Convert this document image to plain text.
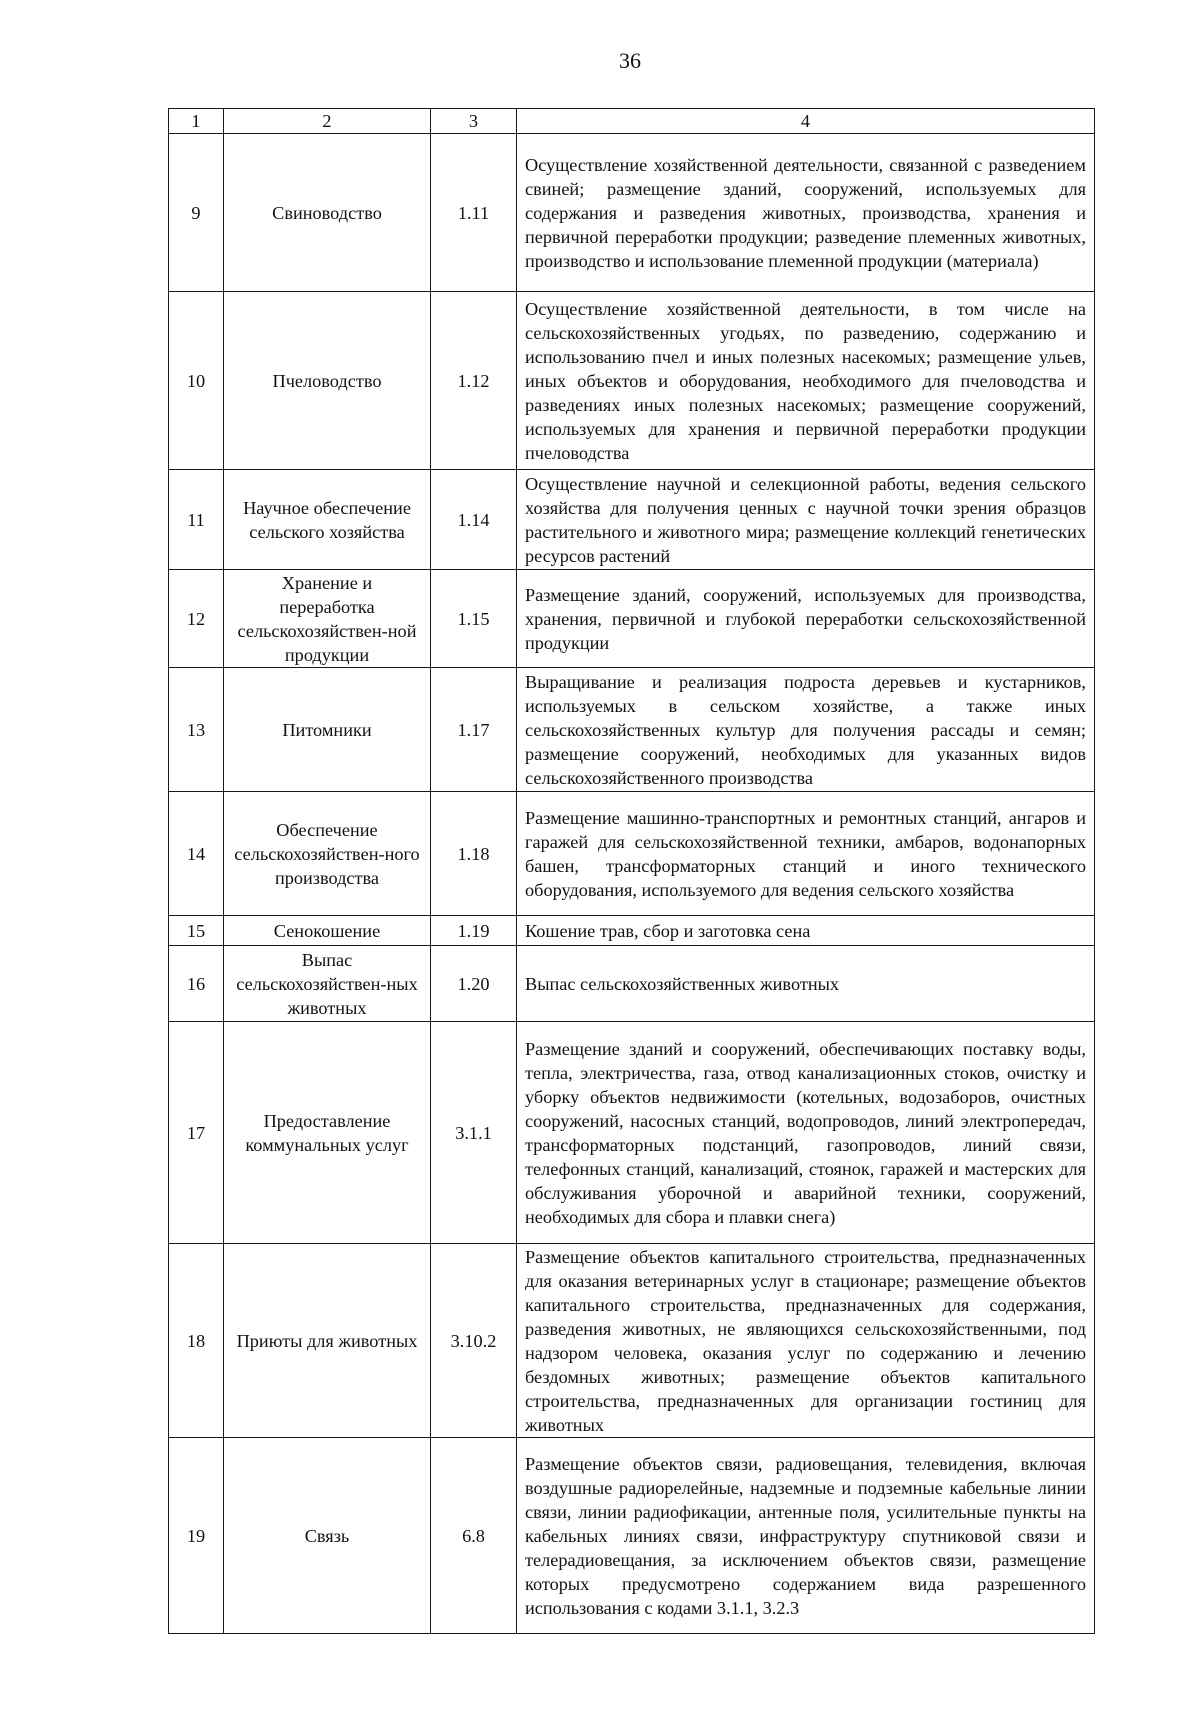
36
1	2	3	4
9	Свиноводство	1.11	Осуществление хозяйственной деятельности, связанной с разведением свиней; размещение зданий, сооружений, используемых для содержания и разведения животных, производства, хранения и первичной переработки продукции; разведение племенных животных, производство и использование племенной продукции (материала)
10	Пчеловодство	1.12	Осуществление хозяйственной деятельности, в том числе на сельскохозяйственных угодьях, по разведению, содержанию и использованию пчел и иных полезных насекомых; размещение ульев, иных объектов и оборудования, необходимого для пчеловодства и разведениях иных полезных насекомых; размещение сооружений, используемых для хранения и первичной переработки продукции пчеловодства
11	Научное обеспечение сельского хозяйства	1.14	Осуществление научной и селекционной работы, ведения сельского хозяйства для получения ценных с научной точки зрения образцов растительного и животного мира; размещение коллекций генетических ресурсов растений
12	Хранение и переработка сельскохозяйствен-ной продукции	1.15	Размещение зданий, сооружений, используемых для производства, хранения, первичной и глубокой переработки сельскохозяйственной продукции
13	Питомники	1.17	Выращивание и реализация подроста деревьев и кустарников, используемых в сельском хозяйстве, а также иных сельскохозяйственных культур для получения рассады и семян; размещение сооружений, необходимых для указанных видов сельскохозяйственного производства
14	Обеспечение сельскохозяйствен-ного производства	1.18	Размещение машинно-транспортных и ремонтных станций, ангаров и гаражей для сельскохозяйственной техники, амбаров, водонапорных башен, трансформаторных станций и иного технического оборудования, используемого для ведения сельского хозяйства
15	Сенокошение	1.19	Кошение трав, сбор и заготовка сена
16	Выпас сельскохозяйствен-ных животных	1.20	Выпас сельскохозяйственных животных
17	Предоставление коммунальных услуг	3.1.1	Размещение зданий и сооружений, обеспечивающих поставку воды, тепла, электричества, газа, отвод канализационных стоков, очистку и уборку объектов недвижимости (котельных, водозаборов, очистных сооружений, насосных станций, водопроводов, линий электропередач, трансформаторных подстанций, газопроводов, линий связи, телефонных станций, канализаций, стоянок, гаражей и мастерских для обслуживания уборочной и аварийной техники, сооружений, необходимых для сбора и плавки снега)
18	Приюты для животных	3.10.2	Размещение объектов капитального строительства, предназначенных для оказания ветеринарных услуг в стационаре; размещение объектов капитального строительства, предназначенных для содержания, разведения животных, не являющихся сельскохозяйственными, под надзором человека, оказания услуг по содержанию и лечению бездомных животных; размещение объектов капитального строительства, предназначенных для организации гостиниц для животных
19	Связь	6.8	Размещение объектов связи, радиовещания, телевидения, включая воздушные радиорелейные, надземные и подземные кабельные линии связи, линии радиофикации, антенные поля, усилительные пункты на кабельных линиях связи, инфраструктуру спутниковой связи и телерадиовещания, за исключением объектов связи, размещение которых предусмотрено содержанием вида разрешенного использования с кодами 3.1.1, 3.2.3
